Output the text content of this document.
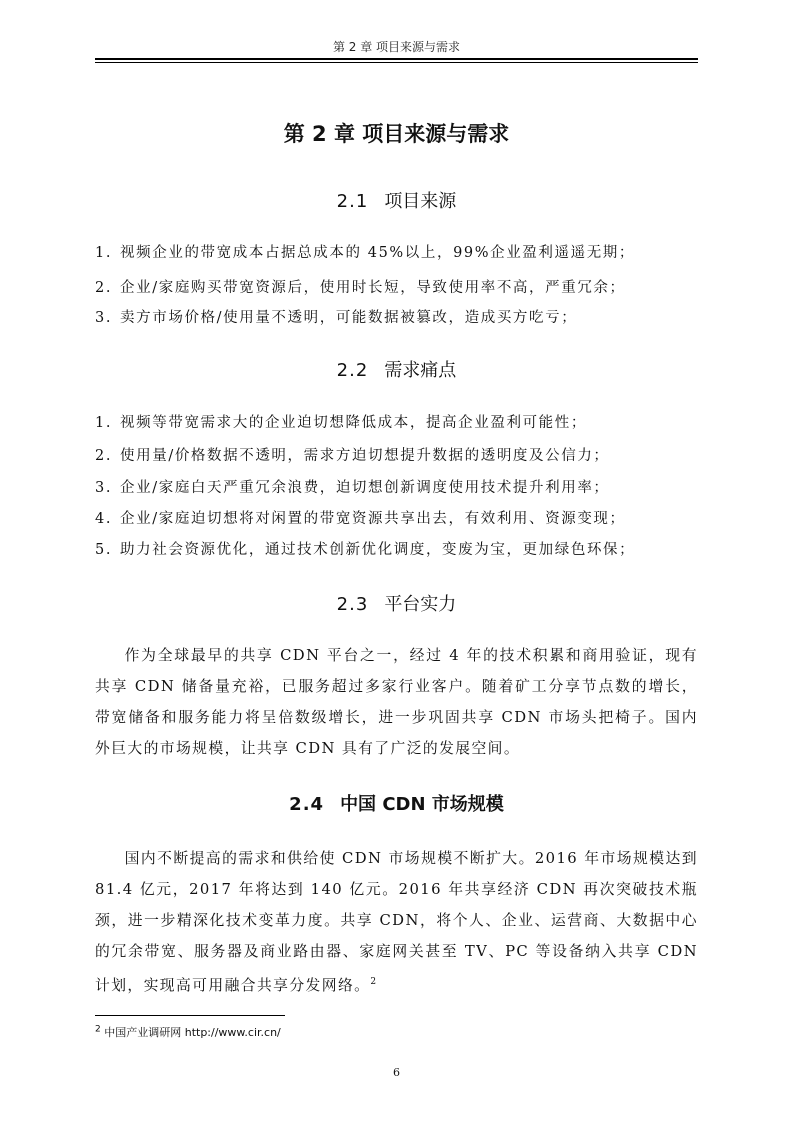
第 2 章 项目来源与需求
第 2 章 项目来源与需求
2.1 项目来源
1. 视频企业的带宽成本占据总成本的 45%以上，99%企业盈利遥遥无期；
2. 企业/家庭购买带宽资源后，使用时长短，导致使用率不高，严重冗余；
3. 卖方市场价格/使用量不透明，可能数据被篡改，造成买方吃亏；
2.2 需求痛点
1. 视频等带宽需求大的企业迫切想降低成本，提高企业盈利可能性；
2. 使用量/价格数据不透明，需求方迫切想提升数据的透明度及公信力；
3. 企业/家庭白天严重冗余浪费，迫切想创新调度使用技术提升利用率；
4. 企业/家庭迫切想将对闲置的带宽资源共享出去，有效利用、资源变现；
5. 助力社会资源优化，通过技术创新优化调度，变废为宝，更加绿色环保；
2.3 平台实力

作为全球最早的共享 CDN 平台之一，经过 4 年的技术积累和商用验证，现有共享 CDN 储备量充裕，已服务超过多家行业客户。随着矿工分享节点数的增长，带宽储备和服务能力将呈倍数级增长，进一步巩固共享 CDN 市场头把椅子。国内外巨大的市场规模，让共享 CDN 具有了广泛的发展空间。

2.4 中国 CDN 市场规模

国内不断提高的需求和供给使 CDN 市场规模不断扩大。2016 年市场规模达到 81.4 亿元，2017 年将达到 140 亿元。2016 年共享经济 CDN 再次突破技术瓶颈，进一步精深化技术变革力度。共享 CDN，将个人、企业、运营商、大数据中心的冗余带宽、服务器及商业路由器、家庭网关甚至 TV、PC 等设备纳入共享 CDN 计划，实现高可用融合共享分发网络。$^2$

$^2$ 中国产业调研网 http://www.cir.cn/
6
